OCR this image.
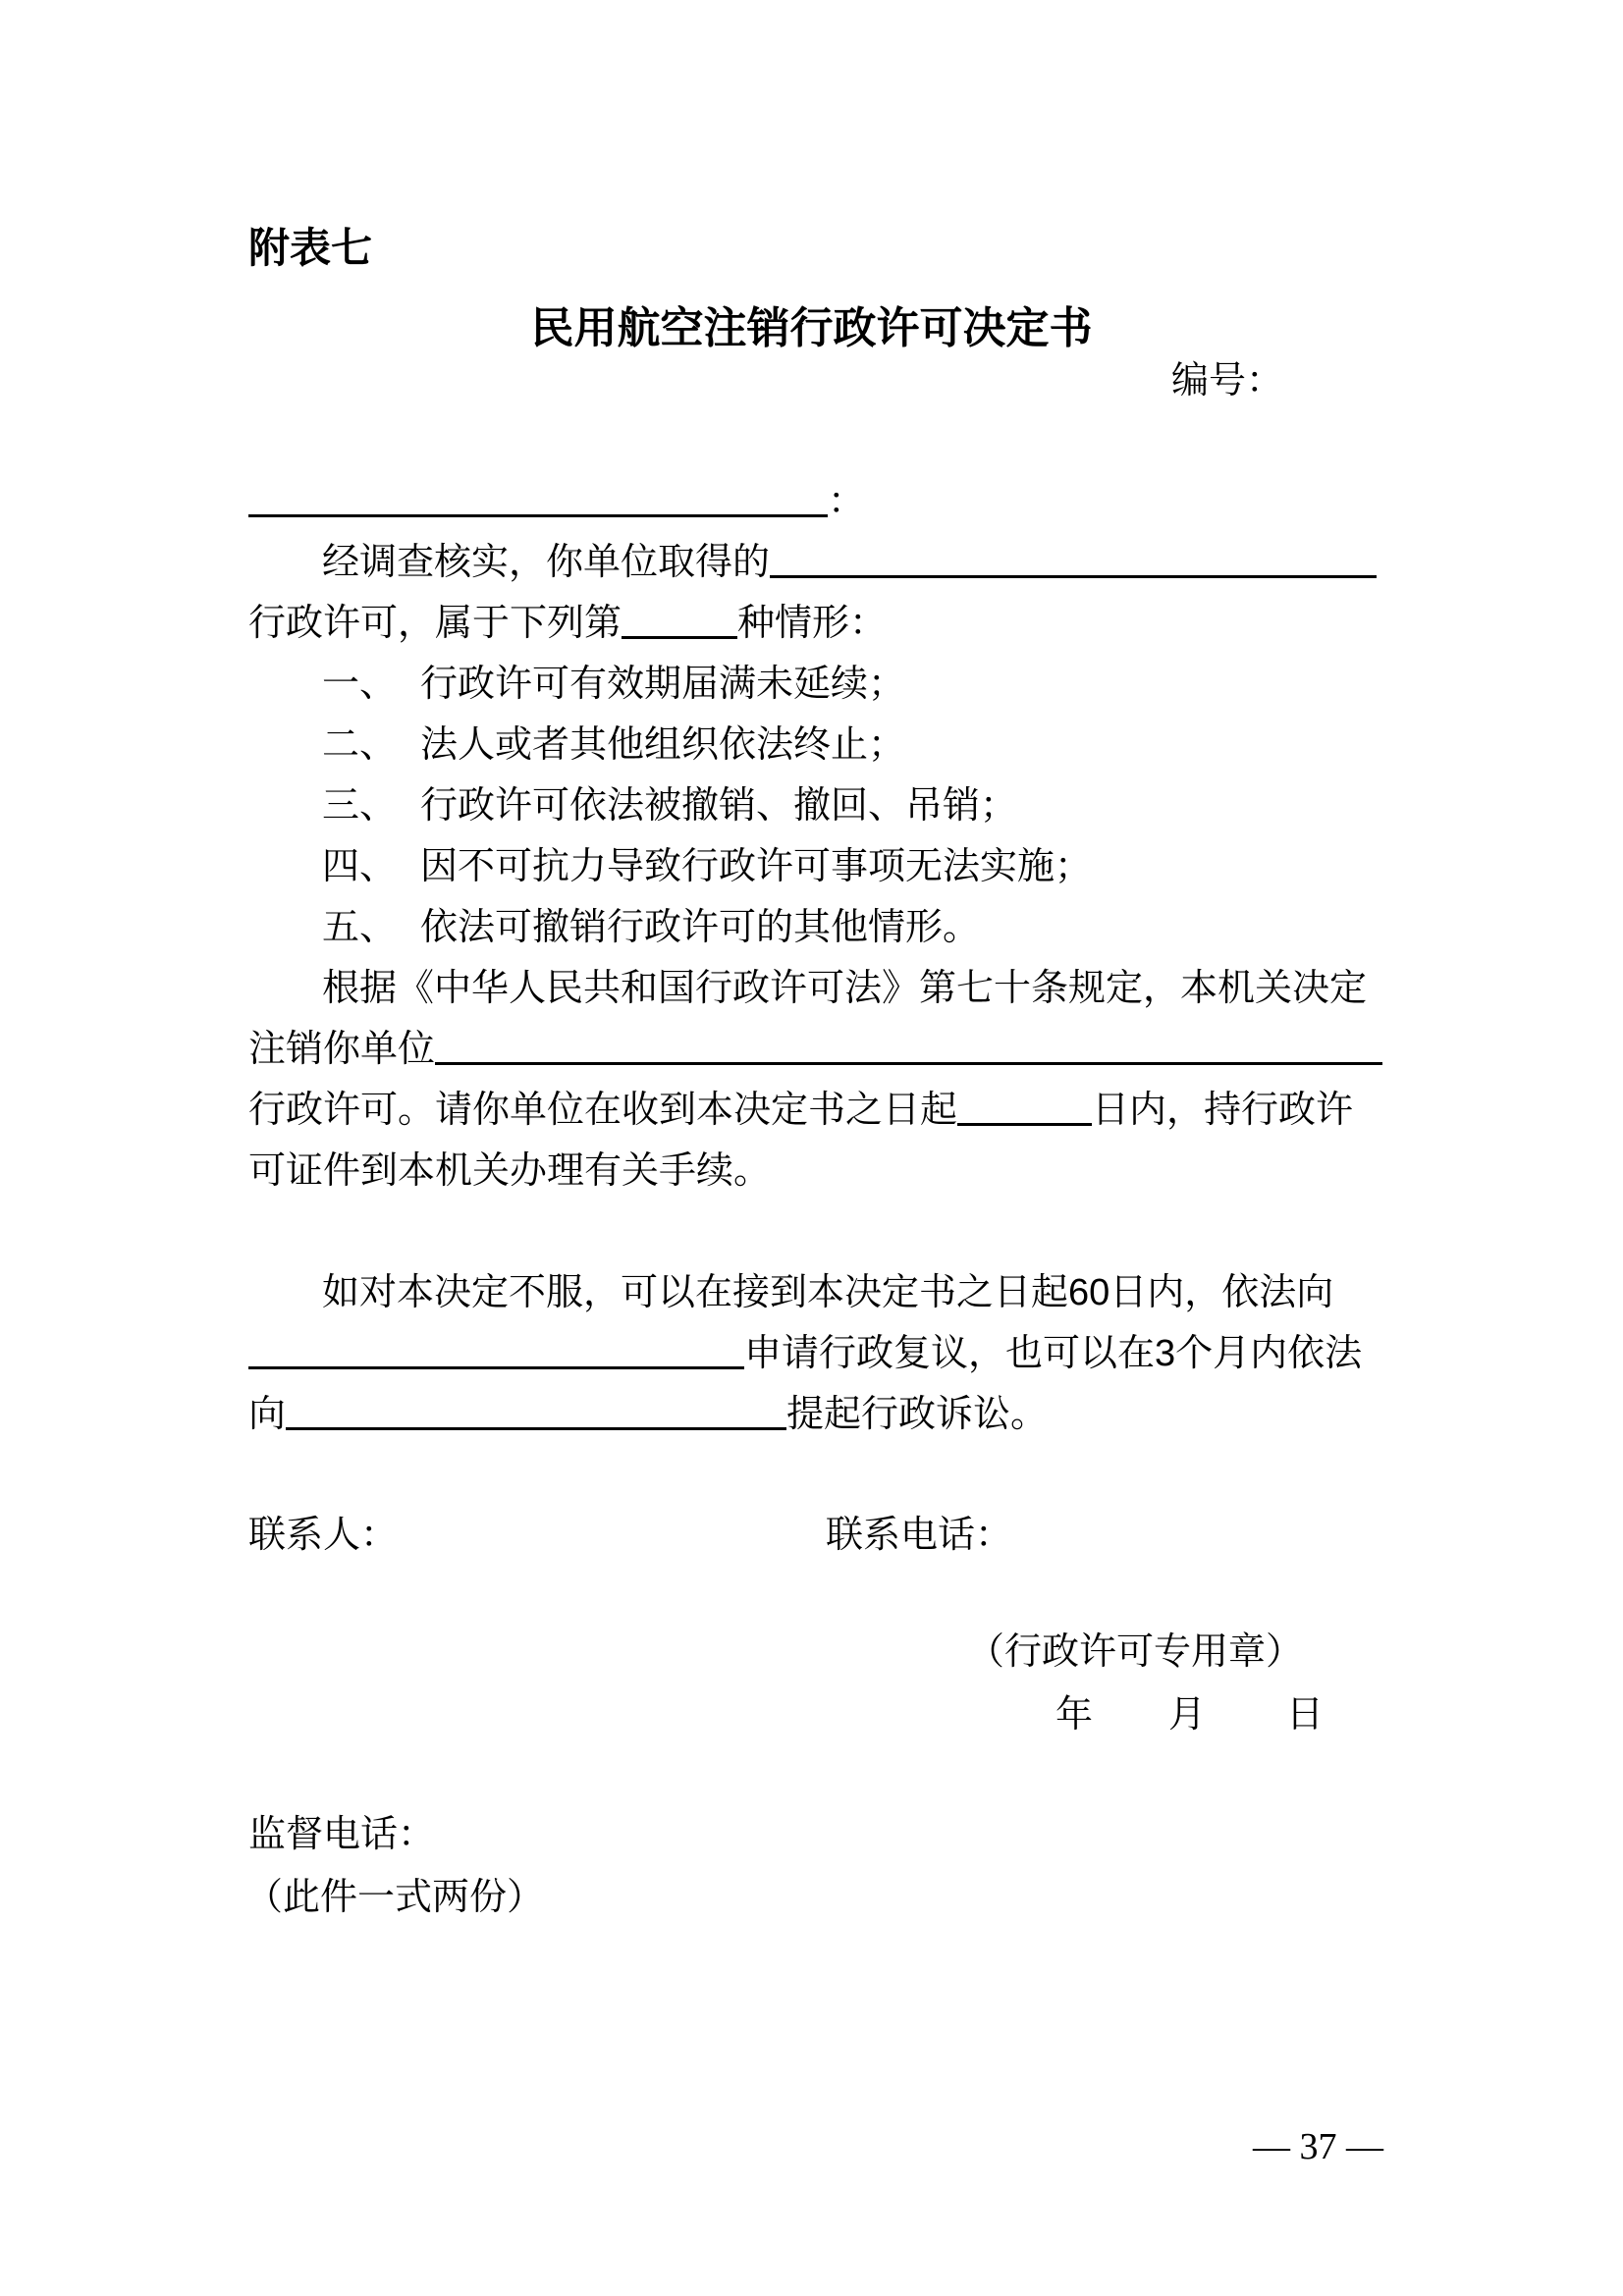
附表七
民用航空注销行政许可决定书
编号：
：
经调查核实，你单位取得的
行政许可，属于下列第	种情形：
一、 行政许可有效期届满未延续；
二、 法人或者其他组织依法终止；
三、 行政许可依法被撤销、撤回、吊销；
四、 因不可抗力导致行政许可事项无法实施；
五、 依法可撤销行政许可的其他情形。
根据《中华人民共和国行政许可法》第七十条规定，本机关决定
注销你单位
行政许可。请你单位在收到本决定书之日起	日内，持行政许
可证件到本机关办理有关手续。
如对本决定不服，可以在接到本决定书之日起60日内，依法向
申请行政复议，也可以在3个月内依法
向	提起行政诉讼。
联系人：	联系电话：
（行政许可专用章）
年 月 日
监督电话：
（此件一式两份）
— 37 —
